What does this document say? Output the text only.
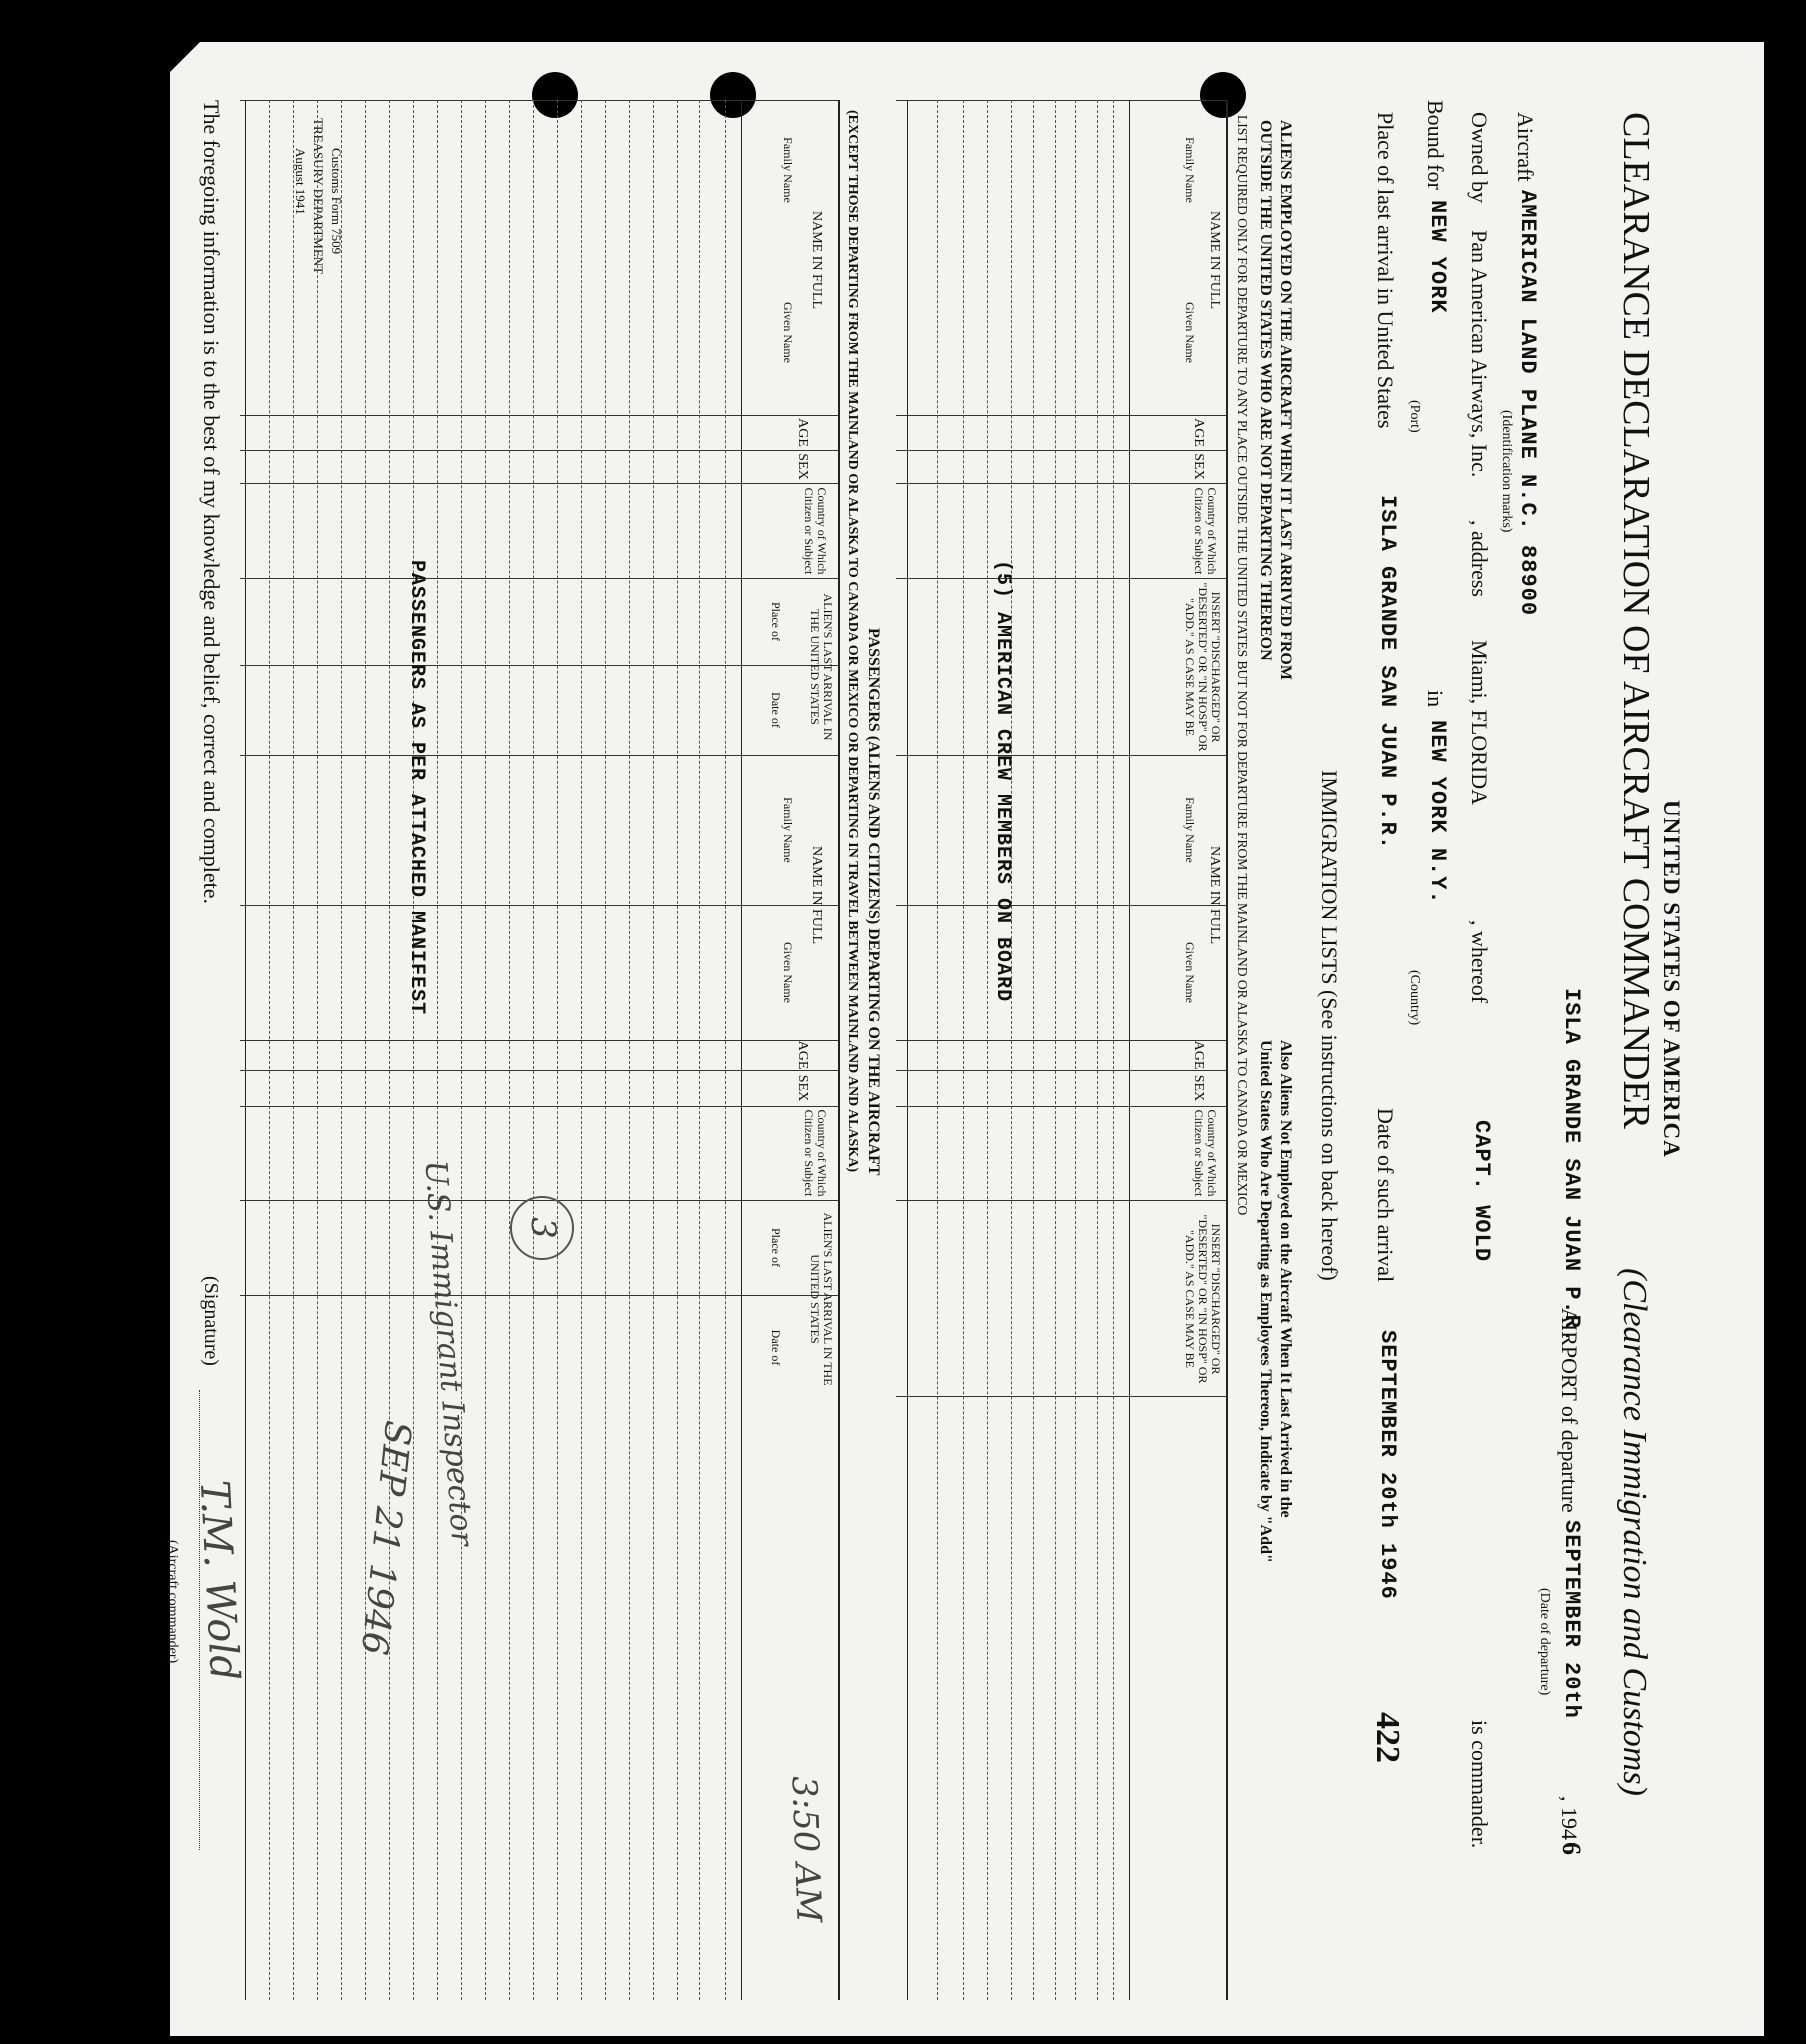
Customs Form 7509
TREASURY DEPARTMENT
August 1941
UNITED STATES OF AMERICA
CLEARANCE DECLARATION OF AIRCRAFT COMMANDER
(Clearance Immigration and Customs)
ISLA GRANDE SAN JUAN P.R.
AIRPORT of departure
SEPTEMBER 20th
, 194
6
(Date of departure)
Aircraft
AMERICAN LAND PLANE N.C. 88900
(Identification marks)
Owned by
Pan American Airways, Inc.
, address
Miami, FLORIDA
, whereof
CAPT. WOLD
is commander.
Bound for
NEW YORK
in
NEW YORK N.Y.
(Port)
(Country)
Place of last arrival in United States
ISLA GRANDE SAN JUAN P.R.
Date of such arrival
SEPTEMBER 20th 1946
422
IMMIGRATION LISTS (See instructions on back hereof)
ALIENS EMPLOYED ON THE AIRCRAFT WHEN IT LAST ARRIVED FROM
OUTSIDE THE UNITED STATES WHO ARE NOT DEPARTING THEREON
Also Aliens Not Employed on the Aircraft When It Last Arrived in the
United States Who Are Departing as Employees Thereon, Indicate by "Add"
LIST REQUIRED ONLY FOR DEPARTURE TO ANY PLACE OUTSIDE THE UNITED STATES BUT NOT FOR DEPARTURE FROM THE MAINLAND OR ALASKA TO CANADA OR MEXICO
NAME IN FULL
Family Name
Given Name
AGE
SEX
Country of Which Citizen or Subject
INSERT "DISCHARGED" OR "DESERTED" OR "IN HOSP" OR "ADD." AS CASE MAY BE
NAME IN FULL
Family Name
Given Name
AGE
SEX
Country of Which Citizen or Subject
INSERT "DISCHARGED" OR "DESERTED" OR "IN HOSP" OR "ADD." AS CASE MAY BE
(5) AMERICAN CREW MEMBERS ON BOARD
PASSENGERS (ALIENS AND CITIZENS) DEPARTING ON THE AIRCRAFT
(EXCEPT THOSE DEPARTING FROM THE MAINLAND OR ALASKA TO CANADA OR MEXICO OR DEPARTING IN TRAVEL BETWEEN MAINLAND AND ALASKA)
NAME IN FULL
Family Name
Given Name
AGE
SEX
Country of Which Citizen or Subject
ALIEN'S LAST ARRIVAL IN THE UNITED STATES
Place of
Date of
NAME IN FULL
Family Name
Given Name
AGE
SEX
Country of Which Citizen or Subject
ALIEN'S LAST ARRIVAL IN THE UNITED STATES
Place of
Date of
PASSENGERS AS PER ATTACHED MANIFEST
3
U.S. Immigrant Inspector
SEP 21 1946
3:50 AM
The foregoing information is to the best of my knowledge and belief, correct and complete.
(Signature)
T.M. Wold
(Aircraft commander)
